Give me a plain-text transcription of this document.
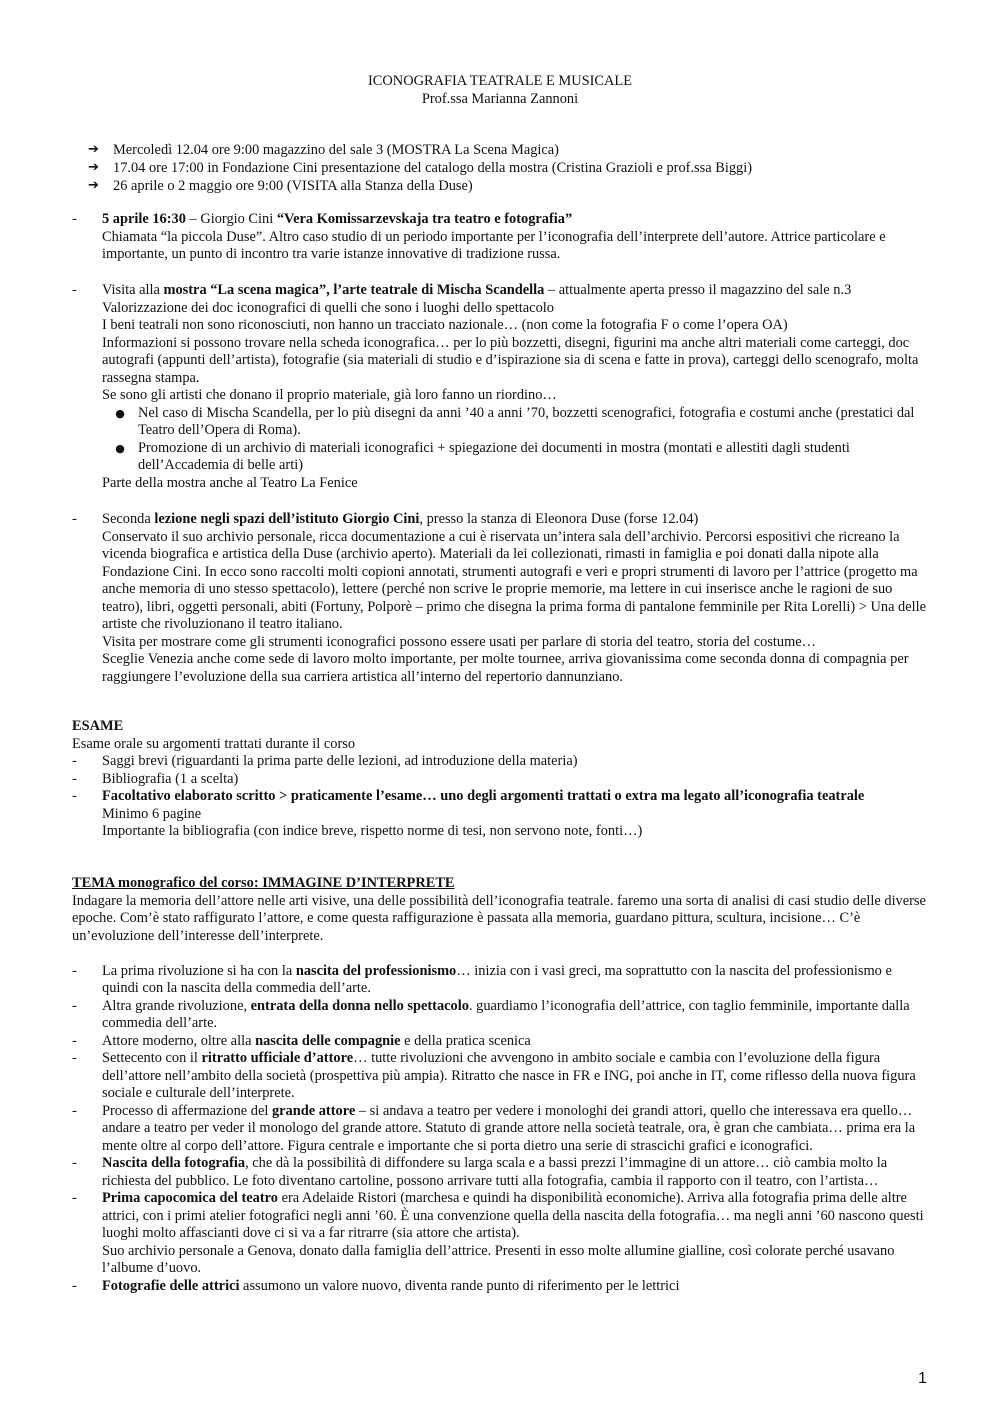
ICONOGRAFIA TEATRALE E MUSICALE
Prof.ssa Marianna Zannoni
➔ Mercoledì 12.04 ore 9:00 magazzino del sale 3 (MOSTRA La Scena Magica)
➔ 17.04 ore 17:00 in Fondazione Cini presentazione del catalogo della mostra (Cristina Grazioli e prof.ssa Biggi)
➔ 26 aprile o 2 maggio ore 9:00 (VISITA alla Stanza della Duse)
-	5 aprile 16:30 – Giorgio Cini “Vera Komissarzevskaja tra teatro e fotografia”
Chiamata “la piccola Duse”. Altro caso studio di un periodo importante per l’iconografia dell’interprete dell’autore. Attrice particolare e importante, un punto di incontro tra varie istanze innovative di tradizione russa.
-	Visita alla mostra “La scena magica”, l’arte teatrale di Mischa Scandella – attualmente aperta presso il magazzino del sale n.3
Valorizzazione dei doc iconografici di quelli che sono i luoghi dello spettacolo
I beni teatrali non sono riconosciuti, non hanno un tracciato nazionale… (non come la fotografia F o come l’opera OA)
Informazioni si possono trovare nella scheda iconografica… per lo più bozzetti, disegni, figurini ma anche altri materiali come carteggi, doc autografi (appunti dell’artista), fotografie (sia materiali di studio e d’ispirazione sia di scena e fatte in prova), carteggi dello scenografo, molta rassegna stampa.
Se sono gli artisti che donano il proprio materiale, già loro fanno un riordino…
● Nel caso di Mischa Scandella, per lo più disegni da anni ’40 a anni ’70, bozzetti scenografici, fotografia e costumi anche (prestatici dal Teatro dell’Opera di Roma).
● Promozione di un archivio di materiali iconografici + spiegazione dei documenti in mostra (montati e allestiti dagli studenti dell’Accademia di belle arti)
Parte della mostra anche al Teatro La Fenice
-	Seconda lezione negli spazi dell’istituto Giorgio Cini, presso la stanza di Eleonora Duse (forse 12.04)
Conservato il suo archivio personale, ricca documentazione a cui è riservata un’intera sala dell’archivio. Percorsi espositivi che ricreano la vicenda biografica e artistica della Duse (archivio aperto). Materiali da lei collezionati, rimasti in famiglia e poi donati dalla nipote alla Fondazione Cini. In ecco sono raccolti molti copioni annotati, strumenti autografi e veri e propri strumenti di lavoro per l’attrice (progetto ma anche memoria di uno stesso spettacolo), lettere (perché non scrive le proprie memorie, ma lettere in cui inserisce anche le ragioni de suo teatro), libri, oggetti personali, abiti (Fortuny, Polporè – primo che disegna la prima forma di pantalone femminile per Rita Lorelli) > Una delle artiste che rivoluzionano il teatro italiano.
Visita per mostrare come gli strumenti iconografici possono essere usati per parlare di storia del teatro, storia del costume…
Sceglie Venezia anche come sede di lavoro molto importante, per molte tournee, arriva giovanissima come seconda donna di compagnia per raggiungere l’evoluzione della sua carriera artistica all’interno del repertorio dannunziano.
ESAME
Esame orale su argomenti trattati durante il corso
-	Saggi brevi (riguardanti la prima parte delle lezioni, ad introduzione della materia)
-	Bibliografia (1 a scelta)
-	Facoltativo elaborato scritto > praticamente l’esame… uno degli argomenti trattati o extra ma legato all’iconografia teatrale
Minimo 6 pagine
Importante la bibliografia (con indice breve, rispetto norme di tesi, non servono note, fonti…)
TEMA monografico del corso: IMMAGINE D’INTERPRETE
Indagare la memoria dell’attore nelle arti visive, una delle possibilità dell’iconografia teatrale. faremo una sorta di analisi di casi studio delle diverse epoche. Com’è stato raffigurato l’attore, e come questa raffigurazione è passata alla memoria, guardano pittura, scultura, incisione… C’è un’evoluzione dell’interesse dell’interprete.
-	La prima rivoluzione si ha con la nascita del professionismo… inizia con i vasi greci, ma soprattutto con la nascita del professionismo e quindi con la nascita della commedia dell’arte.
-	Altra grande rivoluzione, entrata della donna nello spettacolo. guardiamo l’iconografia dell’attrice, con taglio femminile, importante dalla commedia dell’arte.
-	Attore moderno, oltre alla nascita delle compagnie e della pratica scenica
-	Settecento con il ritratto ufficiale d’attore… tutte rivoluzioni che avvengono in ambito sociale e cambia con l’evoluzione della figura dell’attore nell’ambito della società (prospettiva più ampia). Ritratto che nasce in FR e ING, poi anche in IT, come riflesso della nuova figura sociale e culturale dell’interprete.
-	Processo di affermazione del grande attore – si andava a teatro per vedere i monologhi dei grandi attori, quello che interessava era quello… andare a teatro per veder il monologo del grande attore. Statuto di grande attore nella società teatrale, ora, è gran che cambiata… prima era la mente oltre al corpo dell’attore. Figura centrale e importante che si porta dietro una serie di strascichi grafici e iconografici.
-	Nascita della fotografia, che dà la possibilità di diffondere su larga scala e a bassi prezzi l’immagine di un attore… ciò cambia molto la richiesta del pubblico. Le foto diventano cartoline, possono arrivare tutti alla fotografia, cambia il rapporto con il teatro, con l’artista…
-	Prima capocomica del teatro era Adelaide Ristori (marchesa e quindi ha disponibilità economiche). Arriva alla fotografia prima delle altre attrici, con i primi atelier fotografici negli anni ’60. È una convenzione quella della nascita della fotografia… ma negli anni ’60 nascono questi luoghi molto affascianti dove ci si va a far ritrarre (sia attore che artista).
Suo archivio personale a Genova, donato dalla famiglia dell’attrice. Presenti in esso molte allumine gialline, così colorate perché usavano l’albume d’uovo.
-	Fotografie delle attrici assumono un valore nuovo, diventa rande punto di riferimento per le lettrici
1
